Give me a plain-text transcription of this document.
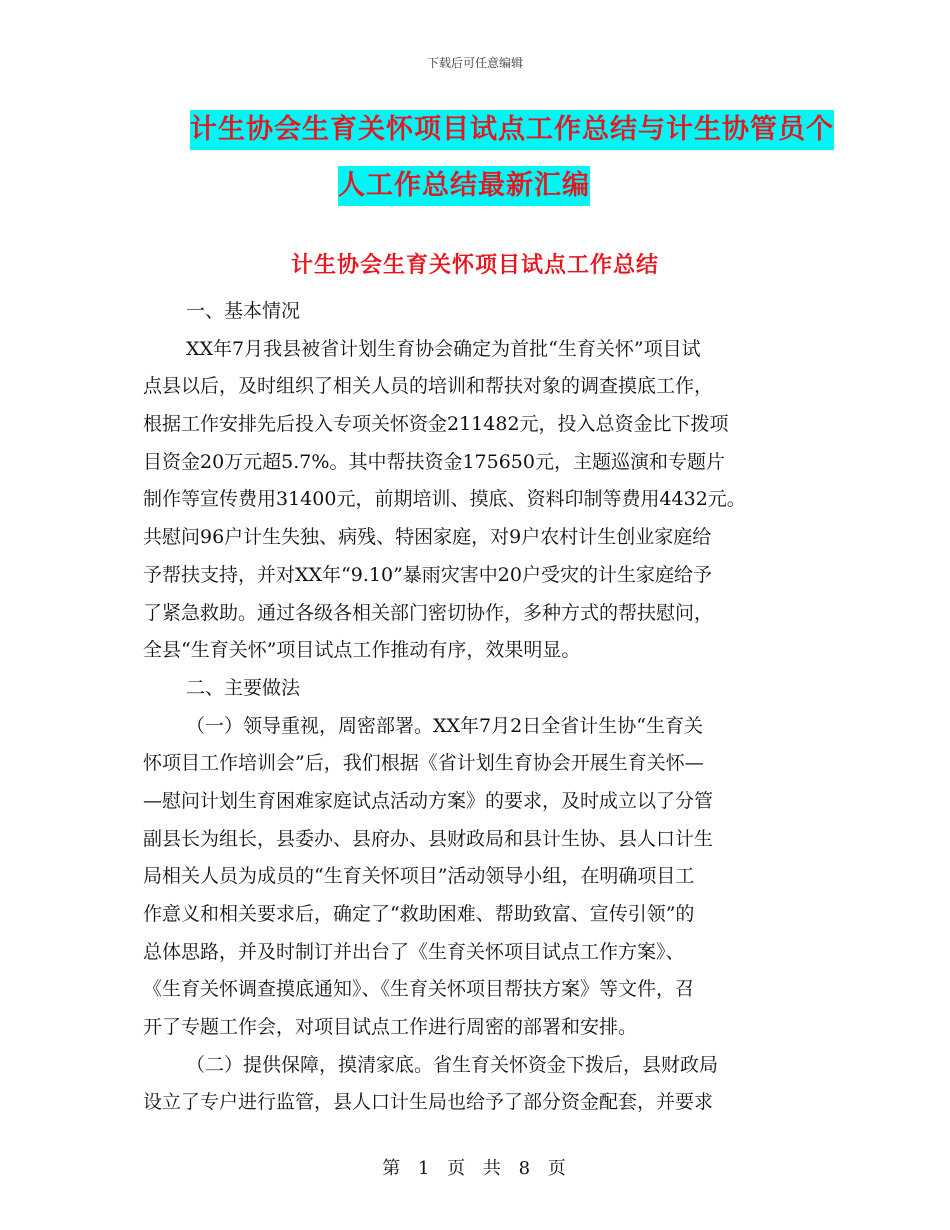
下载后可任意编辑
计生协会生育关怀项目试点工作总结与计生协管员个
人工作总结最新汇编
计生协会生育关怀项目试点工作总结
一、基本情况
XX年7月我县被省计划生育协会确定为首批“生育关怀”项目试
点县以后，及时组织了相关人员的培训和帮扶对象的调查摸底工作，
根据工作安排先后投入专项关怀资金211482元，投入总资金比下拨项
目资金20万元超5.7%。其中帮扶资金175650元，主题巡演和专题片
制作等宣传费用31400元，前期培训、摸底、资料印制等费用4432元。
共慰问96户计生失独、病残、特困家庭，对9户农村计生创业家庭给
予帮扶支持，并对XX年“9.10”暴雨灾害中20户受灾的计生家庭给予
了紧急救助。通过各级各相关部门密切协作，多种方式的帮扶慰问，
全县“生育关怀”项目试点工作推动有序，效果明显。
二、主要做法
（一）领导重视，周密部署。XX年7月2日全省计生协“生育关
怀项目工作培训会”后，我们根据《省计划生育协会开展生育关怀—
—慰问计划生育困难家庭试点活动方案》的要求，及时成立以了分管
副县长为组长，县委办、县府办、县财政局和县计生协、县人口计生
局相关人员为成员的“生育关怀项目”活动领导小组，在明确项目工
作意义和相关要求后，确定了“救助困难、帮助致富、宣传引领”的
总体思路，并及时制订并出台了《生育关怀项目试点工作方案》、
《生育关怀调查摸底通知》、《生育关怀项目帮扶方案》等文件，召
开了专题工作会，对项目试点工作进行周密的部署和安排。
（二）提供保障，摸清家底。省生育关怀资金下拨后，县财政局
设立了专户进行监管，县人口计生局也给予了部分资金配套，并要求
第 1 页 共 8 页
